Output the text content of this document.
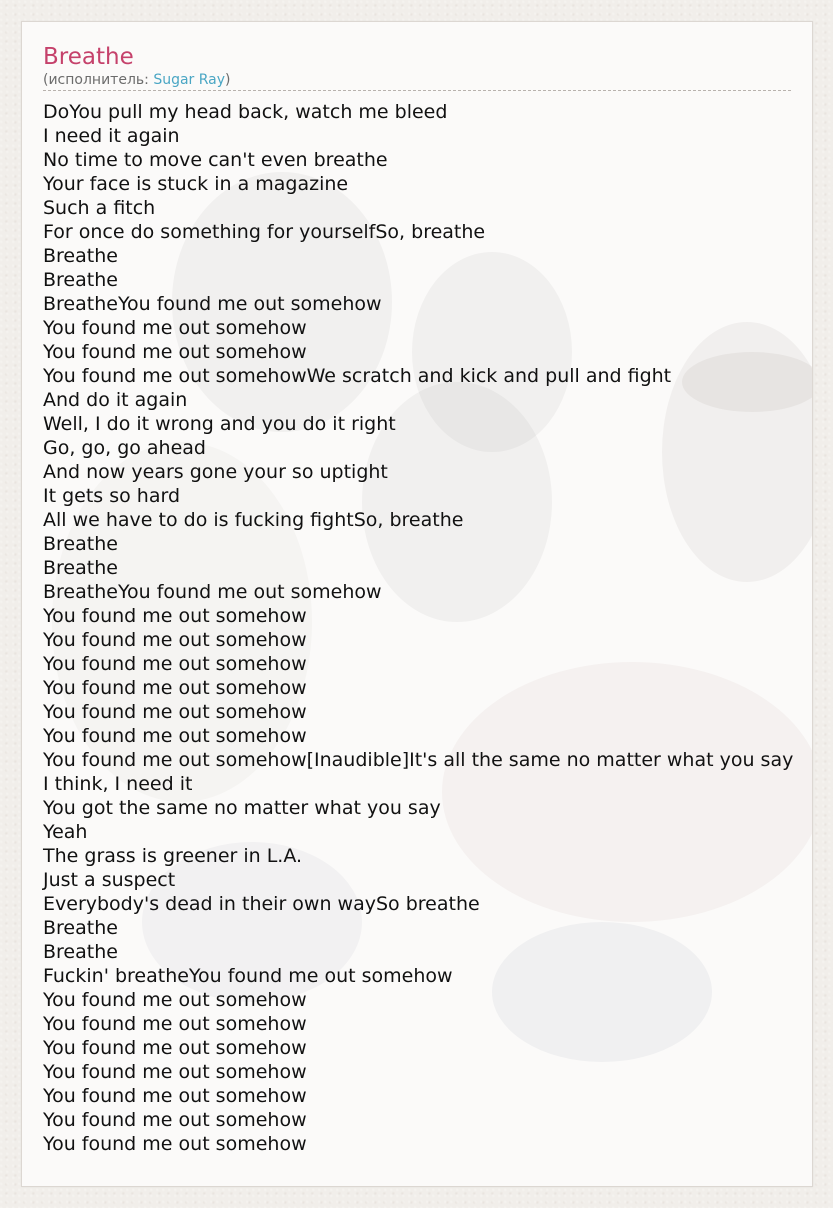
Breathe
(исполнитель: Sugar Ray)
DoYou pull my head back, watch me bleed
I need it again
No time to move can't even breathe
Your face is stuck in a magazine
Such a fitch
For once do something for yourselfSo, breathe
Breathe
Breathe
BreatheYou found me out somehow
You found me out somehow
You found me out somehow
You found me out somehowWe scratch and kick and pull and fight
And do it again
Well, I do it wrong and you do it right
Go, go, go ahead
And now years gone your so uptight
It gets so hard
All we have to do is fucking fightSo, breathe
Breathe
Breathe
BreatheYou found me out somehow
You found me out somehow
You found me out somehow
You found me out somehow
You found me out somehow
You found me out somehow
You found me out somehow
You found me out somehow[Inaudible]It's all the same no matter what you say
I think, I need it
You got the same no matter what you say
Yeah
The grass is greener in L.A.
Just a suspect
Everybody's dead in their own waySo breathe
Breathe
Breathe
Fuckin' breatheYou found me out somehow
You found me out somehow
You found me out somehow
You found me out somehow
You found me out somehow
You found me out somehow
You found me out somehow
You found me out somehow
